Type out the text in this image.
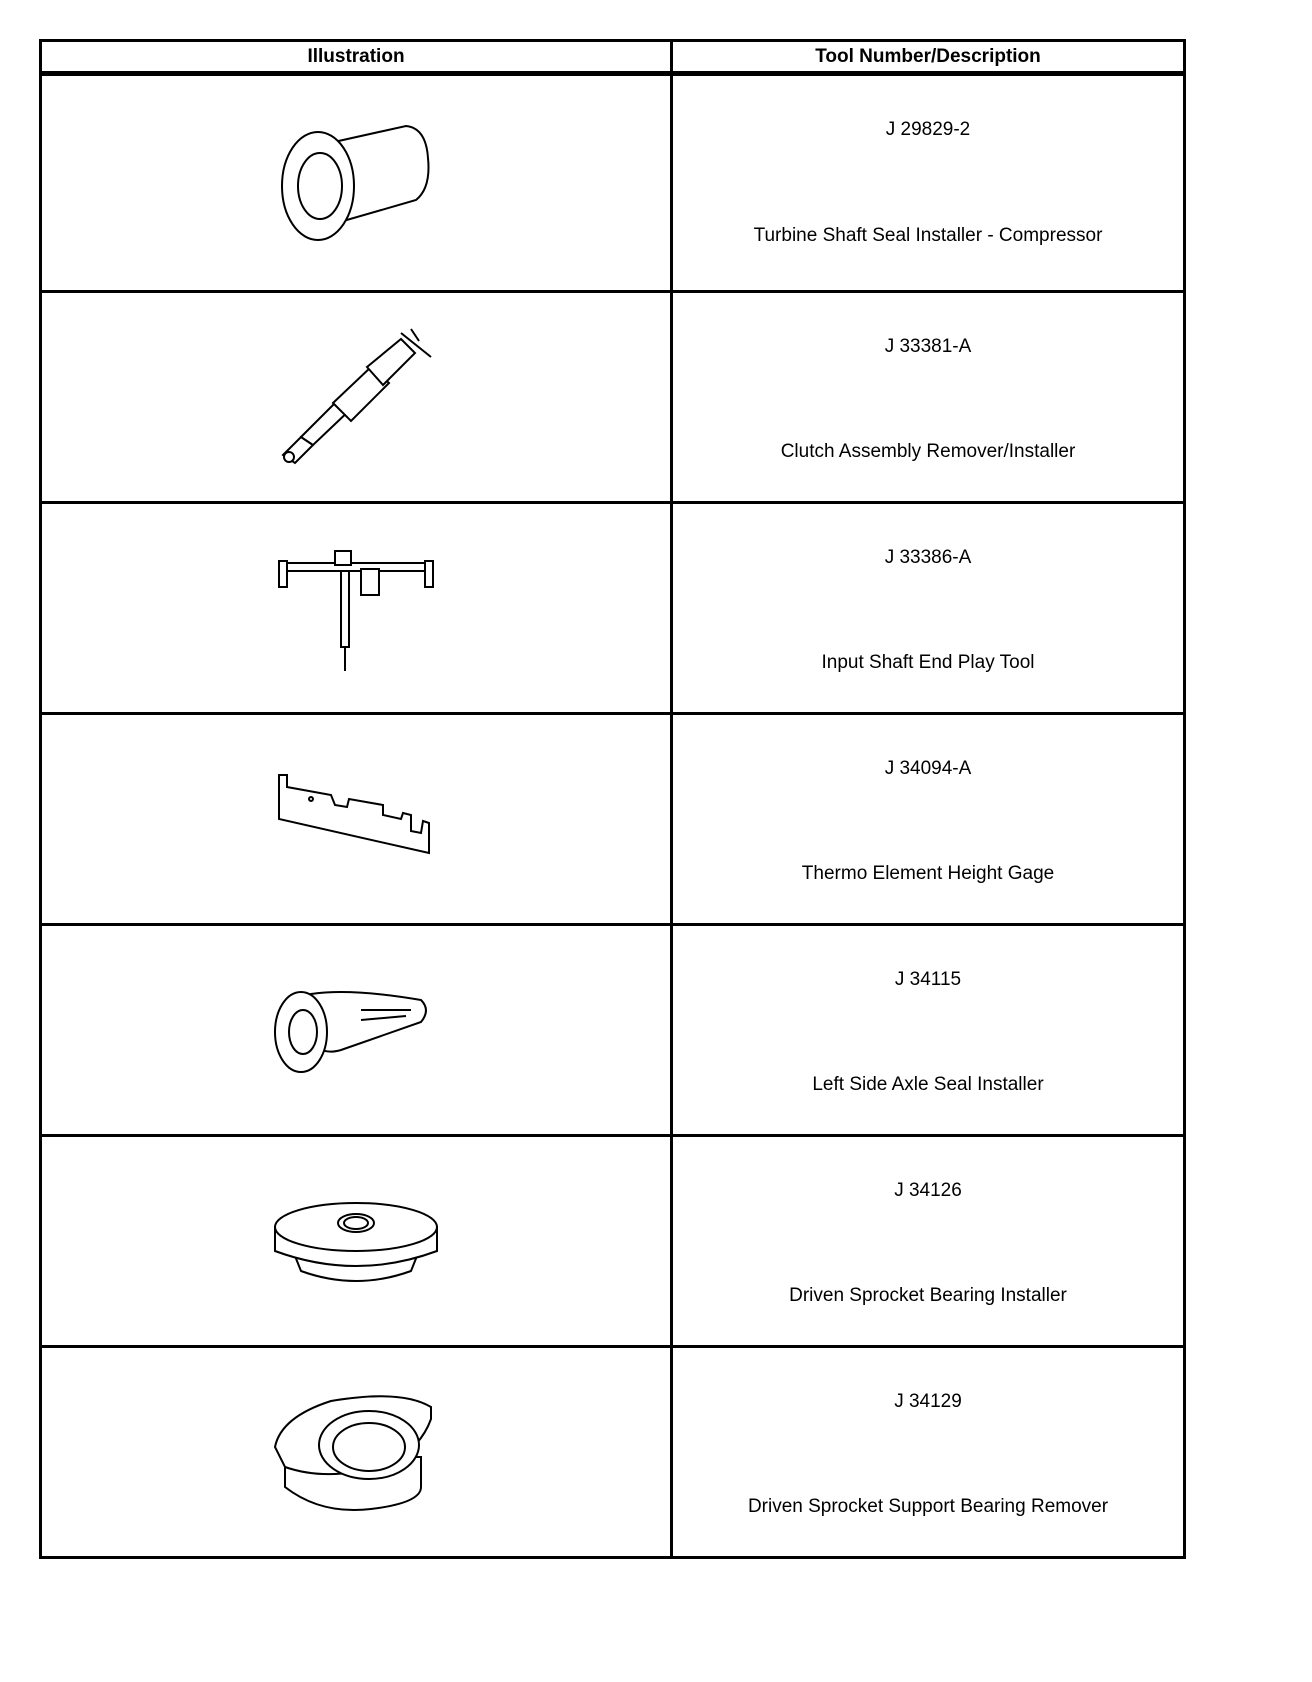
Illustration	Tool Number/Description

J 29829-2
Turbine Shaft Seal Installer - Compressor

J 33381-A
Clutch Assembly Remover/Installer

J 33386-A
Input Shaft End Play Tool

J 34094-A
Thermo Element Height Gage

J 34115
Left Side Axle Seal Installer

J 34126
Driven Sprocket Bearing Installer

J 34129
Driven Sprocket Support Bearing Remover
